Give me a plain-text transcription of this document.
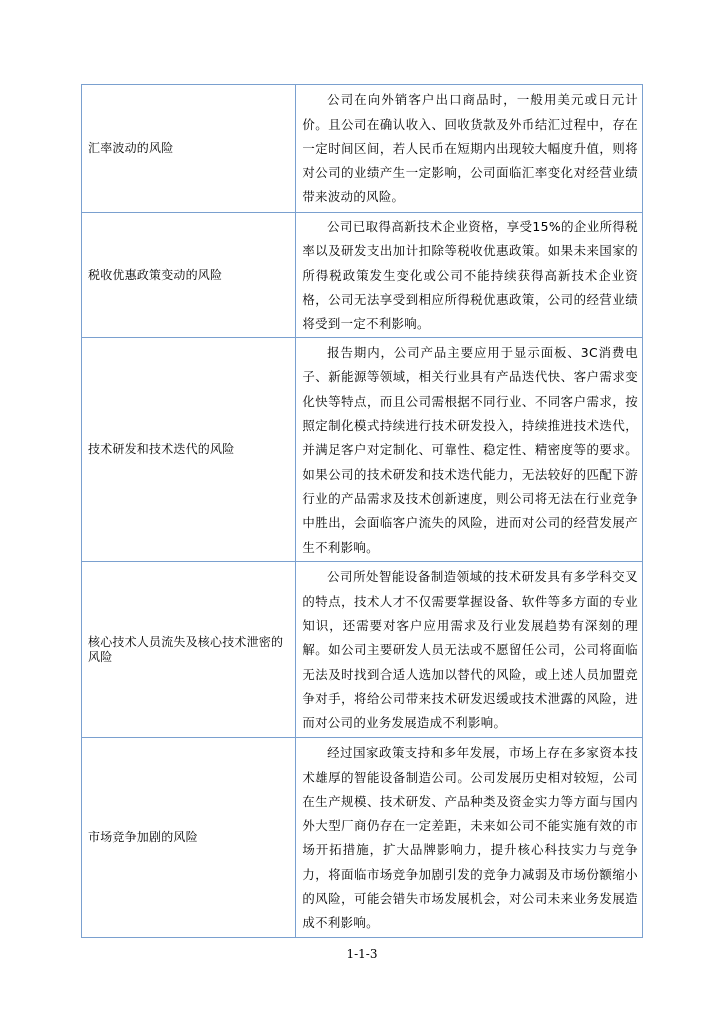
汇率波动的风险	公司在向外销客户出口商品时，一般用美元或日元计价。且公司在确认收入、回收货款及外币结汇过程中，存在一定时间区间，若人民币在短期内出现较大幅度升值，则将对公司的业绩产生一定影响，公司面临汇率变化对经营业绩带来波动的风险。
税收优惠政策变动的风险	公司已取得高新技术企业资格，享受15%的企业所得税率以及研发支出加计扣除等税收优惠政策。如果未来国家的所得税政策发生变化或公司不能持续获得高新技术企业资格，公司无法享受到相应所得税优惠政策，公司的经营业绩将受到一定不利影响。
技术研发和技术迭代的风险	报告期内，公司产品主要应用于显示面板、3C消费电子、新能源等领域，相关行业具有产品迭代快、客户需求变化快等特点，而且公司需根据不同行业、不同客户需求，按照定制化模式持续进行技术研发投入，持续推进技术迭代，并满足客户对定制化、可靠性、稳定性、精密度等的要求。如果公司的技术研发和技术迭代能力，无法较好的匹配下游行业的产品需求及技术创新速度，则公司将无法在行业竞争中胜出，会面临客户流失的风险，进而对公司的经营发展产生不利影响。
核心技术人员流失及核心技术泄密的风险	公司所处智能设备制造领域的技术研发具有多学科交叉的特点，技术人才不仅需要掌握设备、软件等多方面的专业知识，还需要对客户应用需求及行业发展趋势有深刻的理解。如公司主要研发人员无法或不愿留任公司，公司将面临无法及时找到合适人选加以替代的风险，或上述人员加盟竞争对手，将给公司带来技术研发迟缓或技术泄露的风险，进而对公司的业务发展造成不利影响。
市场竞争加剧的风险	经过国家政策支持和多年发展，市场上存在多家资本技术雄厚的智能设备制造公司。公司发展历史相对较短，公司在生产规模、技术研发、产品种类及资金实力等方面与国内外大型厂商仍存在一定差距，未来如公司不能实施有效的市场开拓措施，扩大品牌影响力，提升核心科技实力与竞争力，将面临市场竞争加剧引发的竞争力减弱及市场份额缩小的风险，可能会错失市场发展机会，对公司未来业务发展造成不利影响。
1-1-3
